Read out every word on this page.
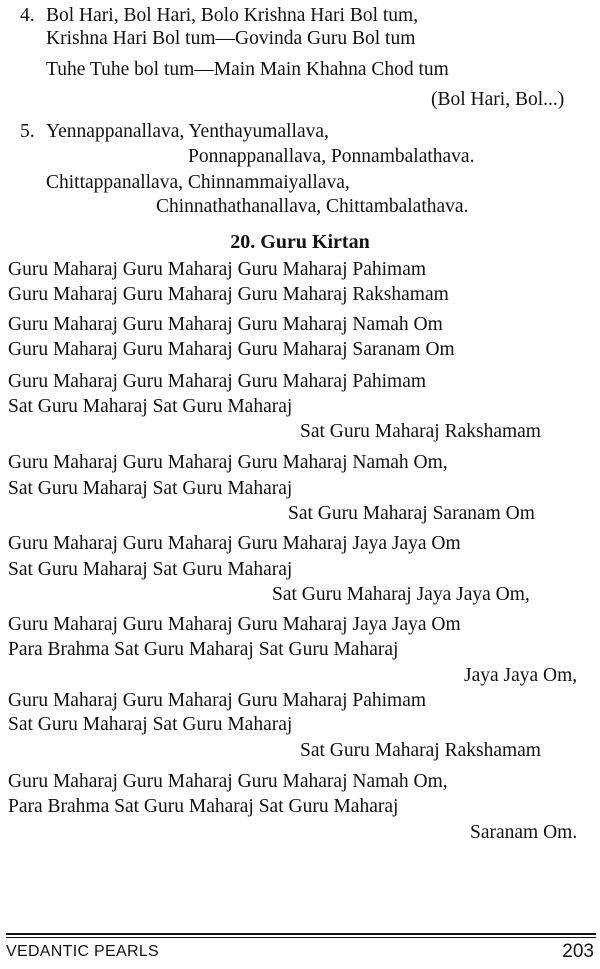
4. Bol Hari, Bol Hari, Bolo Krishna Hari Bol tum,
Krishna Hari Bol tum—Govinda Guru Bol tum
Tuhe Tuhe bol tum—Main Main Khahna Chod tum
(Bol Hari, Bol...)
5. Yennappanallava, Yenthayumallava,
Ponnappanallava, Ponnambalathava.
Chittappanallava, Chinnammaiyallava,
Chinnathathanallava, Chittambalathava.
20. Guru Kirtan
Guru Maharaj Guru Maharaj Guru Maharaj Pahimam
Guru Maharaj Guru Maharaj Guru Maharaj Rakshamam
Guru Maharaj Guru Maharaj Guru Maharaj Namah Om
Guru Maharaj Guru Maharaj Guru Maharaj Saranam Om
Guru Maharaj Guru Maharaj Guru Maharaj Pahimam
Sat Guru Maharaj Sat Guru Maharaj
Sat Guru Maharaj Rakshamam
Guru Maharaj Guru Maharaj Guru Maharaj Namah Om,
Sat Guru Maharaj Sat Guru Maharaj
Sat Guru Maharaj Saranam Om
Guru Maharaj Guru Maharaj Guru Maharaj Jaya Jaya Om
Sat Guru Maharaj Sat Guru Maharaj
Sat Guru Maharaj Jaya Jaya Om,
Guru Maharaj Guru Maharaj Guru Maharaj Jaya Jaya Om
Para Brahma Sat Guru Maharaj Sat Guru Maharaj
Jaya Jaya Om,
Guru Maharaj Guru Maharaj Guru Maharaj Pahimam
Sat Guru Maharaj Sat Guru Maharaj
Sat Guru Maharaj Rakshamam
Guru Maharaj Guru Maharaj Guru Maharaj Namah Om,
Para Brahma Sat Guru Maharaj Sat Guru Maharaj
Saranam Om.
VEDANTIC PEARLS	203
